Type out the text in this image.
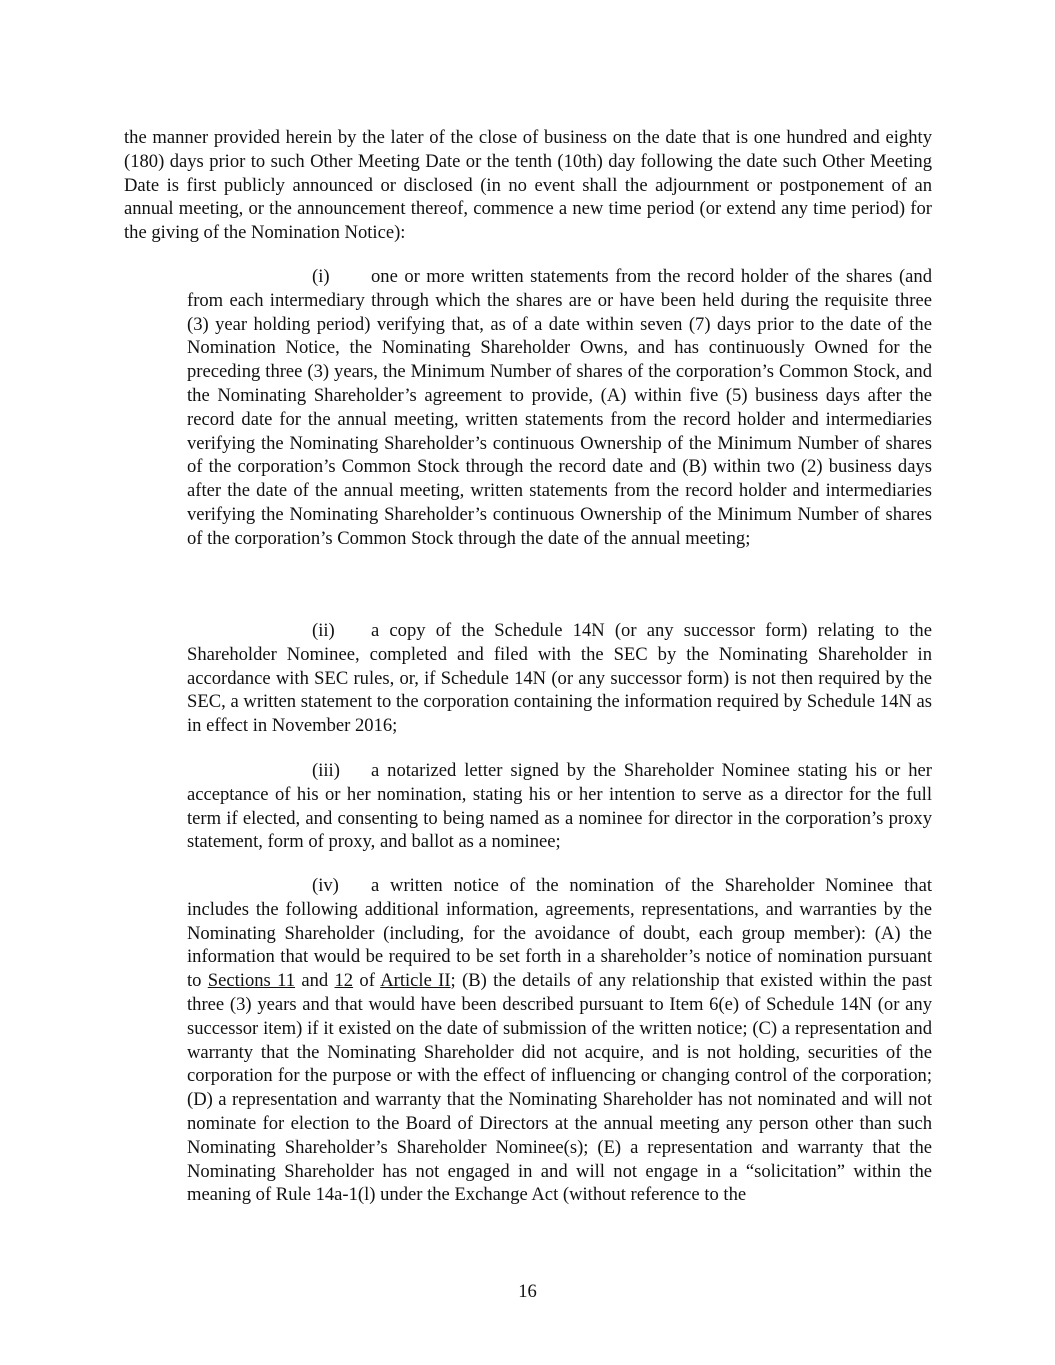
the manner provided herein by the later of the close of business on the date that is one hundred and eighty (180) days prior to such Other Meeting Date or the tenth (10th) day following the date such Other Meeting Date is first publicly announced or disclosed (in no event shall the adjournment or postponement of an annual meeting, or the announcement thereof, commence a new time period (or extend any time period) for the giving of the Nomination Notice):

(i) one or more written statements from the record holder of the shares (and from each intermediary through which the shares are or have been held during the requisite three (3) year holding period) verifying that, as of a date within seven (7) days prior to the date of the Nomination Notice, the Nominating Shareholder Owns, and has continuously Owned for the preceding three (3) years, the Minimum Number of shares of the corporation’s Common Stock, and the Nominating Shareholder’s agreement to provide, (A) within five (5) business days after the record date for the annual meeting, written statements from the record holder and intermediaries verifying the Nominating Shareholder’s continuous Ownership of the Minimum Number of shares of the corporation’s Common Stock through the record date and (B) within two (2) business days after the date of the annual meeting, written statements from the record holder and intermediaries verifying the Nominating Shareholder’s continuous Ownership of the Minimum Number of shares of the corporation’s Common Stock through the date of the annual meeting;

(ii) a copy of the Schedule 14N (or any successor form) relating to the Shareholder Nominee, completed and filed with the SEC by the Nominating Shareholder in accordance with SEC rules, or, if Schedule 14N (or any successor form) is not then required by the SEC, a written statement to the corporation containing the information required by Schedule 14N as in effect in November 2016;

(iii) a notarized letter signed by the Shareholder Nominee stating his or her acceptance of his or her nomination, stating his or her intention to serve as a director for the full term if elected, and consenting to being named as a nominee for director in the corporation’s proxy statement, form of proxy, and ballot as a nominee;

(iv) a written notice of the nomination of the Shareholder Nominee that includes the following additional information, agreements, representations, and warranties by the Nominating Shareholder (including, for the avoidance of doubt, each group member): (A) the information that would be required to be set forth in a shareholder’s notice of nomination pursuant to Sections 11 and 12 of Article II; (B) the details of any relationship that existed within the past three (3) years and that would have been described pursuant to Item 6(e) of Schedule 14N (or any successor item) if it existed on the date of submission of the written notice; (C) a representation and warranty that the Nominating Shareholder did not acquire, and is not holding, securities of the corporation for the purpose or with the effect of influencing or changing control of the corporation; (D) a representation and warranty that the Nominating Shareholder has not nominated and will not nominate for election to the Board of Directors at the annual meeting any person other than such Nominating Shareholder’s Shareholder Nominee(s); (E) a representation and warranty that the Nominating Shareholder has not engaged in and will not engage in a “solicitation” within the meaning of Rule 14a-1(l) under the Exchange Act (without reference to the

16
